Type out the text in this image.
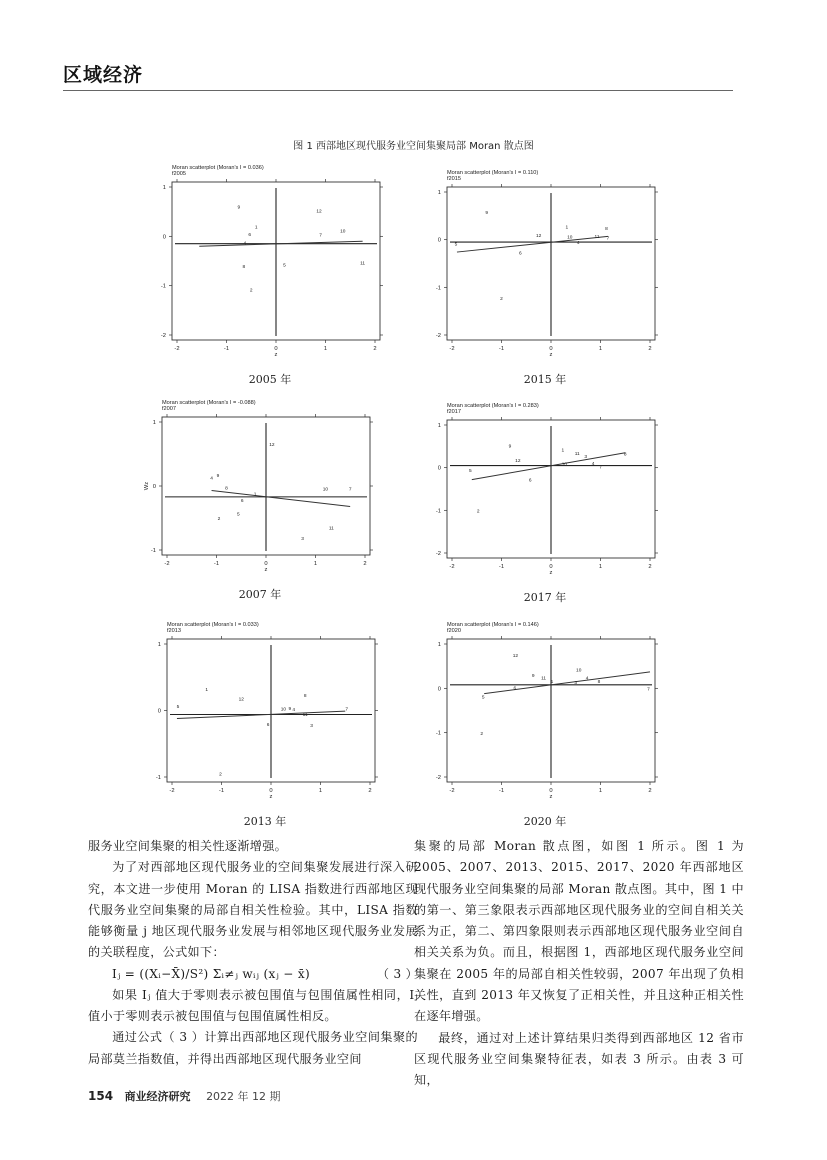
区域经济
图 1 西部地区现代服务业空间集聚局部 Moran 散点图
Moran scatterplot (Moran's I = 0.036)
f2005
-2	-1	0	1	2
-2
-1
0
1
z
9
1
6
4
8
2
5
12
7
10
11
2005 年
Moran scatterplot (Moran's I = 0.110)
f2015
-2	-1	0	1	2
-2
-1
0
1
z
9
12
6
2
5
1
10
4
8
11 7
2015 年
Moran scatterplot (Moran's I = -0.088)
f2007
-2	-1	0	1	2
-1
0
1
z
Wz
12
4
9
8
1
6
5
2
3
11
10	7
2007 年
Moran scatterplot (Moran's I = 0.283)
f2017
-2	-1	0	1	2
-2
-1
0
1
z
9
12
5
6
2
1
11
3
10	4
7
8
2017 年
Moran scatterplot (Moran's I = 0.033)
f2013
-2	-1	0	1	2
-1
0
1
z
5
1
12
6
2
10 9 4
8
11
3
7
2013 年
Moran scatterplot (Moran's I = 0.146)
f2020
-2	-1	0	1	2
-2
-1
0
1
z
12
9
11
1
6
5
2
10
4
3	8
7
2020 年

服务业空间集聚的相关性逐渐增强。

为了对西部地区现代服务业的空间集聚发展进行深入研究，本文进一步使用 Moran 的 LISA 指数进行西部地区现代服务业空间集聚的局部自相关性检验。其中，LISA 指数能够衡量 j 地区现代服务业发展与相邻地区现代服务业发展的关联程度，公式如下：

Iⱼ = ((Xᵢ−X̄)/S²) Σᵢ≠ⱼ wᵢⱼ (xⱼ − x̄)	（ 3 ）

如果 Iⱼ 值大于零则表示被包围值与包围值属性相同，Iⱼ 值小于零则表示被包围值与包围值属性相反。

通过公式（ 3 ）计算出西部地区现代服务业空间集聚的局部莫兰指数值，并得出西部地区现代服务业空间

集聚的局部 Moran 散点图，如图 1 所示。图 1 为 2005、2007、2013、2015、2017、2020 年西部地区现代服务业空间集聚的局部 Moran 散点图。其中，图 1 中的第一、第三象限表示西部地区现代服务业的空间自相关关系为正，第二、第四象限则表示西部地区现代服务业空间自相关关系为负。而且，根据图 1，西部地区现代服务业空间集聚在 2005 年的局部自相关性较弱，2007 年出现了负相关性，直到 2013 年又恢复了正相关性，并且这种正相关性在逐年增强。

最终，通过对上述计算结果归类得到西部地区 12 省市区现代服务业空间集聚特征表，如表 3 所示。由表 3 可知，

154 商业经济研究 2022 年 12 期
